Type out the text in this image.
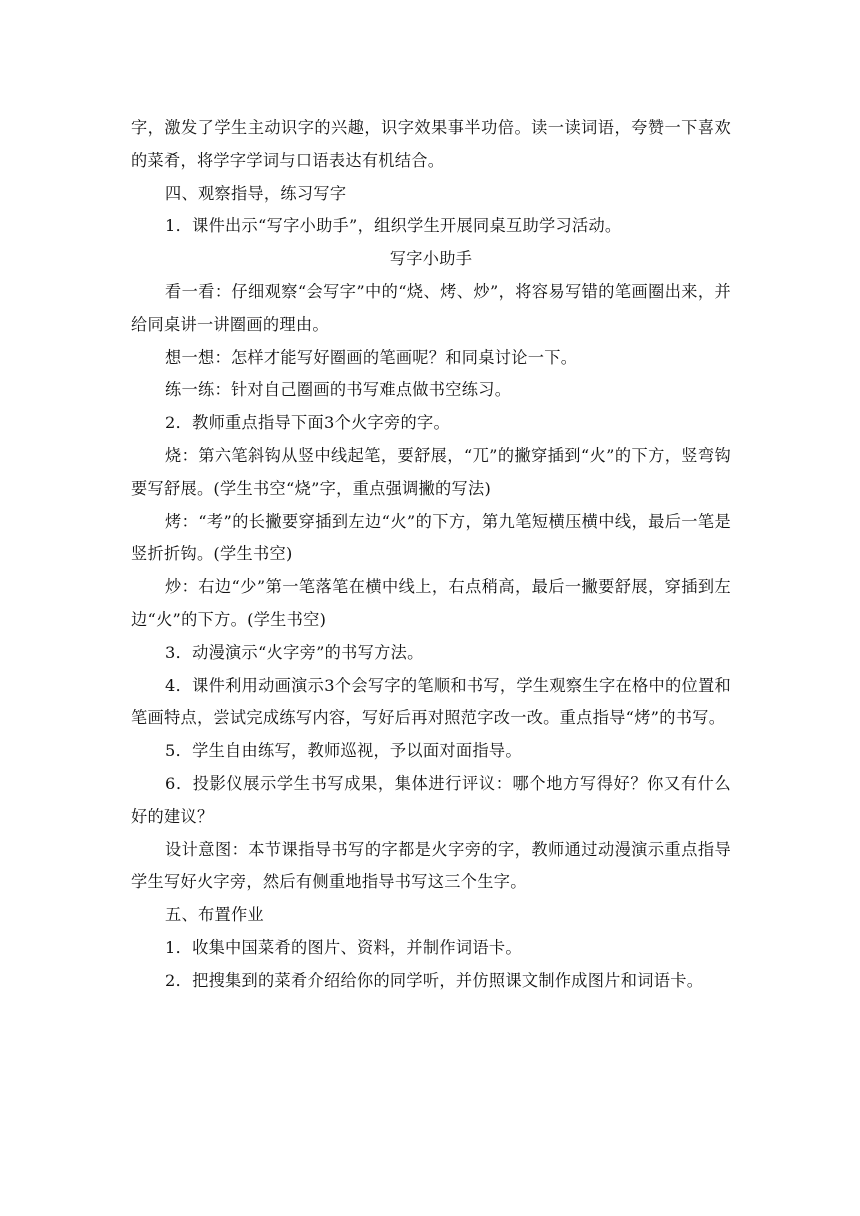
字，激发了学生主动识字的兴趣，识字效果事半功倍。读一读词语，夸赞一下喜欢的菜肴，将学字学词与口语表达有机结合。

四、观察指导，练习写字

1．课件出示“写字小助手”，组织学生开展同桌互助学习活动。

写字小助手

看一看：仔细观察“会写字”中的“烧、烤、炒”，将容易写错的笔画圈出来，并给同桌讲一讲圈画的理由。

想一想：怎样才能写好圈画的笔画呢？和同桌讨论一下。

练一练：针对自己圈画的书写难点做书空练习。

2．教师重点指导下面3个火字旁的字。

烧：第六笔斜钩从竖中线起笔，要舒展，“兀”的撇穿插到“火”的下方，竖弯钩要写舒展。(学生书空“烧”字，重点强调撇的写法)

烤：“考”的长撇要穿插到左边“火”的下方，第九笔短横压横中线，最后一笔是竖折折钩。(学生书空)

炒：右边“少”第一笔落笔在横中线上，右点稍高，最后一撇要舒展，穿插到左边“火”的下方。(学生书空)

3．动漫演示“火字旁”的书写方法。

4．课件利用动画演示3个会写字的笔顺和书写，学生观察生字在格中的位置和笔画特点，尝试完成练写内容，写好后再对照范字改一改。重点指导“烤”的书写。

5．学生自由练写，教师巡视，予以面对面指导。

6．投影仪展示学生书写成果，集体进行评议：哪个地方写得好？你又有什么好的建议？

设计意图：本节课指导书写的字都是火字旁的字，教师通过动漫演示重点指导学生写好火字旁，然后有侧重地指导书写这三个生字。

五、布置作业

1．收集中国菜肴的图片、资料，并制作词语卡。

2．把搜集到的菜肴介绍给你的同学听，并仿照课文制作成图片和词语卡。
